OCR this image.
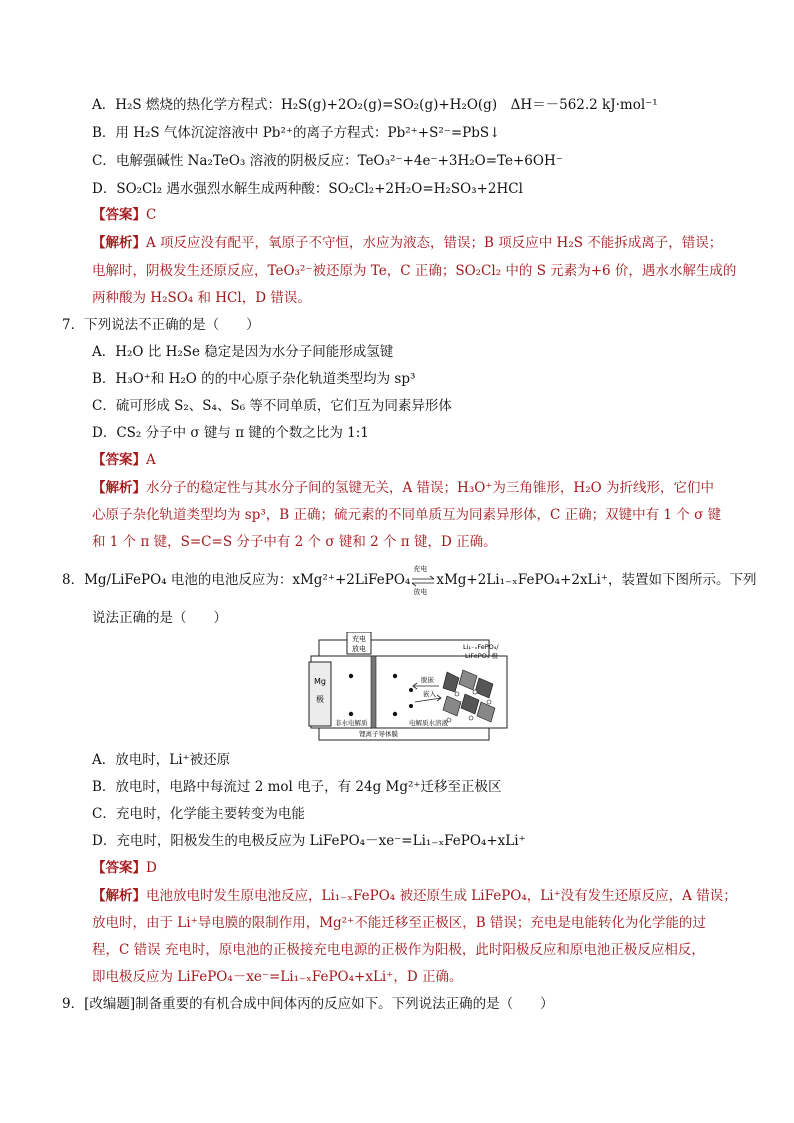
A．H₂S 燃烧的热化学方程式：H₂S(g)+2O₂(g)=SO₂(g)+H₂O(g)　ΔH＝－562.2 kJ·mol⁻¹
B．用 H₂S 气体沉淀溶液中 Pb²⁺的离子方程式：Pb²⁺+S²⁻=PbS↓
C．电解强碱性 Na₂TeO₃ 溶液的阴极反应：TeO₃²⁻+4e⁻+3H₂O=Te+6OH⁻
D．SO₂Cl₂ 遇水强烈水解生成两种酸：SO₂Cl₂+2H₂O=H₂SO₃+2HCl
【答案】C
【解析】A 项反应没有配平，氧原子不守恒，水应为液态，错误；B 项反应中 H₂S 不能拆成离子，错误；
电解时，阴极发生还原反应，TeO₃²⁻被还原为 Te，C 正确；SO₂Cl₂ 中的 S 元素为+6 价，遇水水解生成的
两种酸为 H₂SO₄ 和 HCl，D 错误。
7．下列说法不正确的是（　　）
A．H₂O 比 H₂Se 稳定是因为水分子间能形成氢键
B．H₃O⁺和 H₂O 的的中心原子杂化轨道类型均为 sp³
C．硫可形成 S₂、S₄、S₆ 等不同单质，它们互为同素异形体
D．CS₂ 分子中 σ 键与 π 键的个数之比为 1:1
【答案】A
【解析】水分子的稳定性与其水分子间的氢键无关，A 错误；H₃O⁺为三角锥形，H₂O 为折线形，它们中
心原子杂化轨道类型均为 sp³，B 正确；硫元素的不同单质互为同素异形体，C 正确；双键中有 1 个 σ 键
和 1 个 π 键，S=C=S 分子中有 2 个 σ 键和 2 个 π 键，D 正确。
8．Mg/LiFePO₄ 电池的电池反应为：xMg²⁺+2LiFePO₄
充电
放电
xMg+2Li₁₋ₓFePO₄+2xLi⁺，装置如下图所示。下列
说法正确的是（　　）
充电
放电
Mg
极
脱嵌
嵌入
Li₁₋ₓFePO₄/
LiFePO₄ 极
非水电解质	电解质水溶液
锂离子导体膜
A．放电时，Li⁺被还原
B．放电时，电路中每流过 2 mol 电子，有 24g Mg²⁺迁移至正极区
C．充电时，化学能主要转变为电能
D．充电时，阳极发生的电极反应为 LiFePO₄－xe⁻=Li₁₋ₓFePO₄+xLi⁺
【答案】D
【解析】电池放电时发生原电池反应，Li₁₋ₓFePO₄ 被还原生成 LiFePO₄，Li⁺没有发生还原反应，A 错误；
放电时，由于 Li⁺导电膜的限制作用，Mg²⁺不能迁移至正极区，B 错误；充电是电能转化为化学能的过
程，C 错误 充电时，原电池的正极接充电电源的正极作为阳极，此时阳极反应和原电池正极反应相反，
即电极反应为 LiFePO₄－xe⁻=Li₁₋ₓFePO₄+xLi⁺，D 正确。
9．[改编题]制备重要的有机合成中间体丙的反应如下。下列说法正确的是（　　）
